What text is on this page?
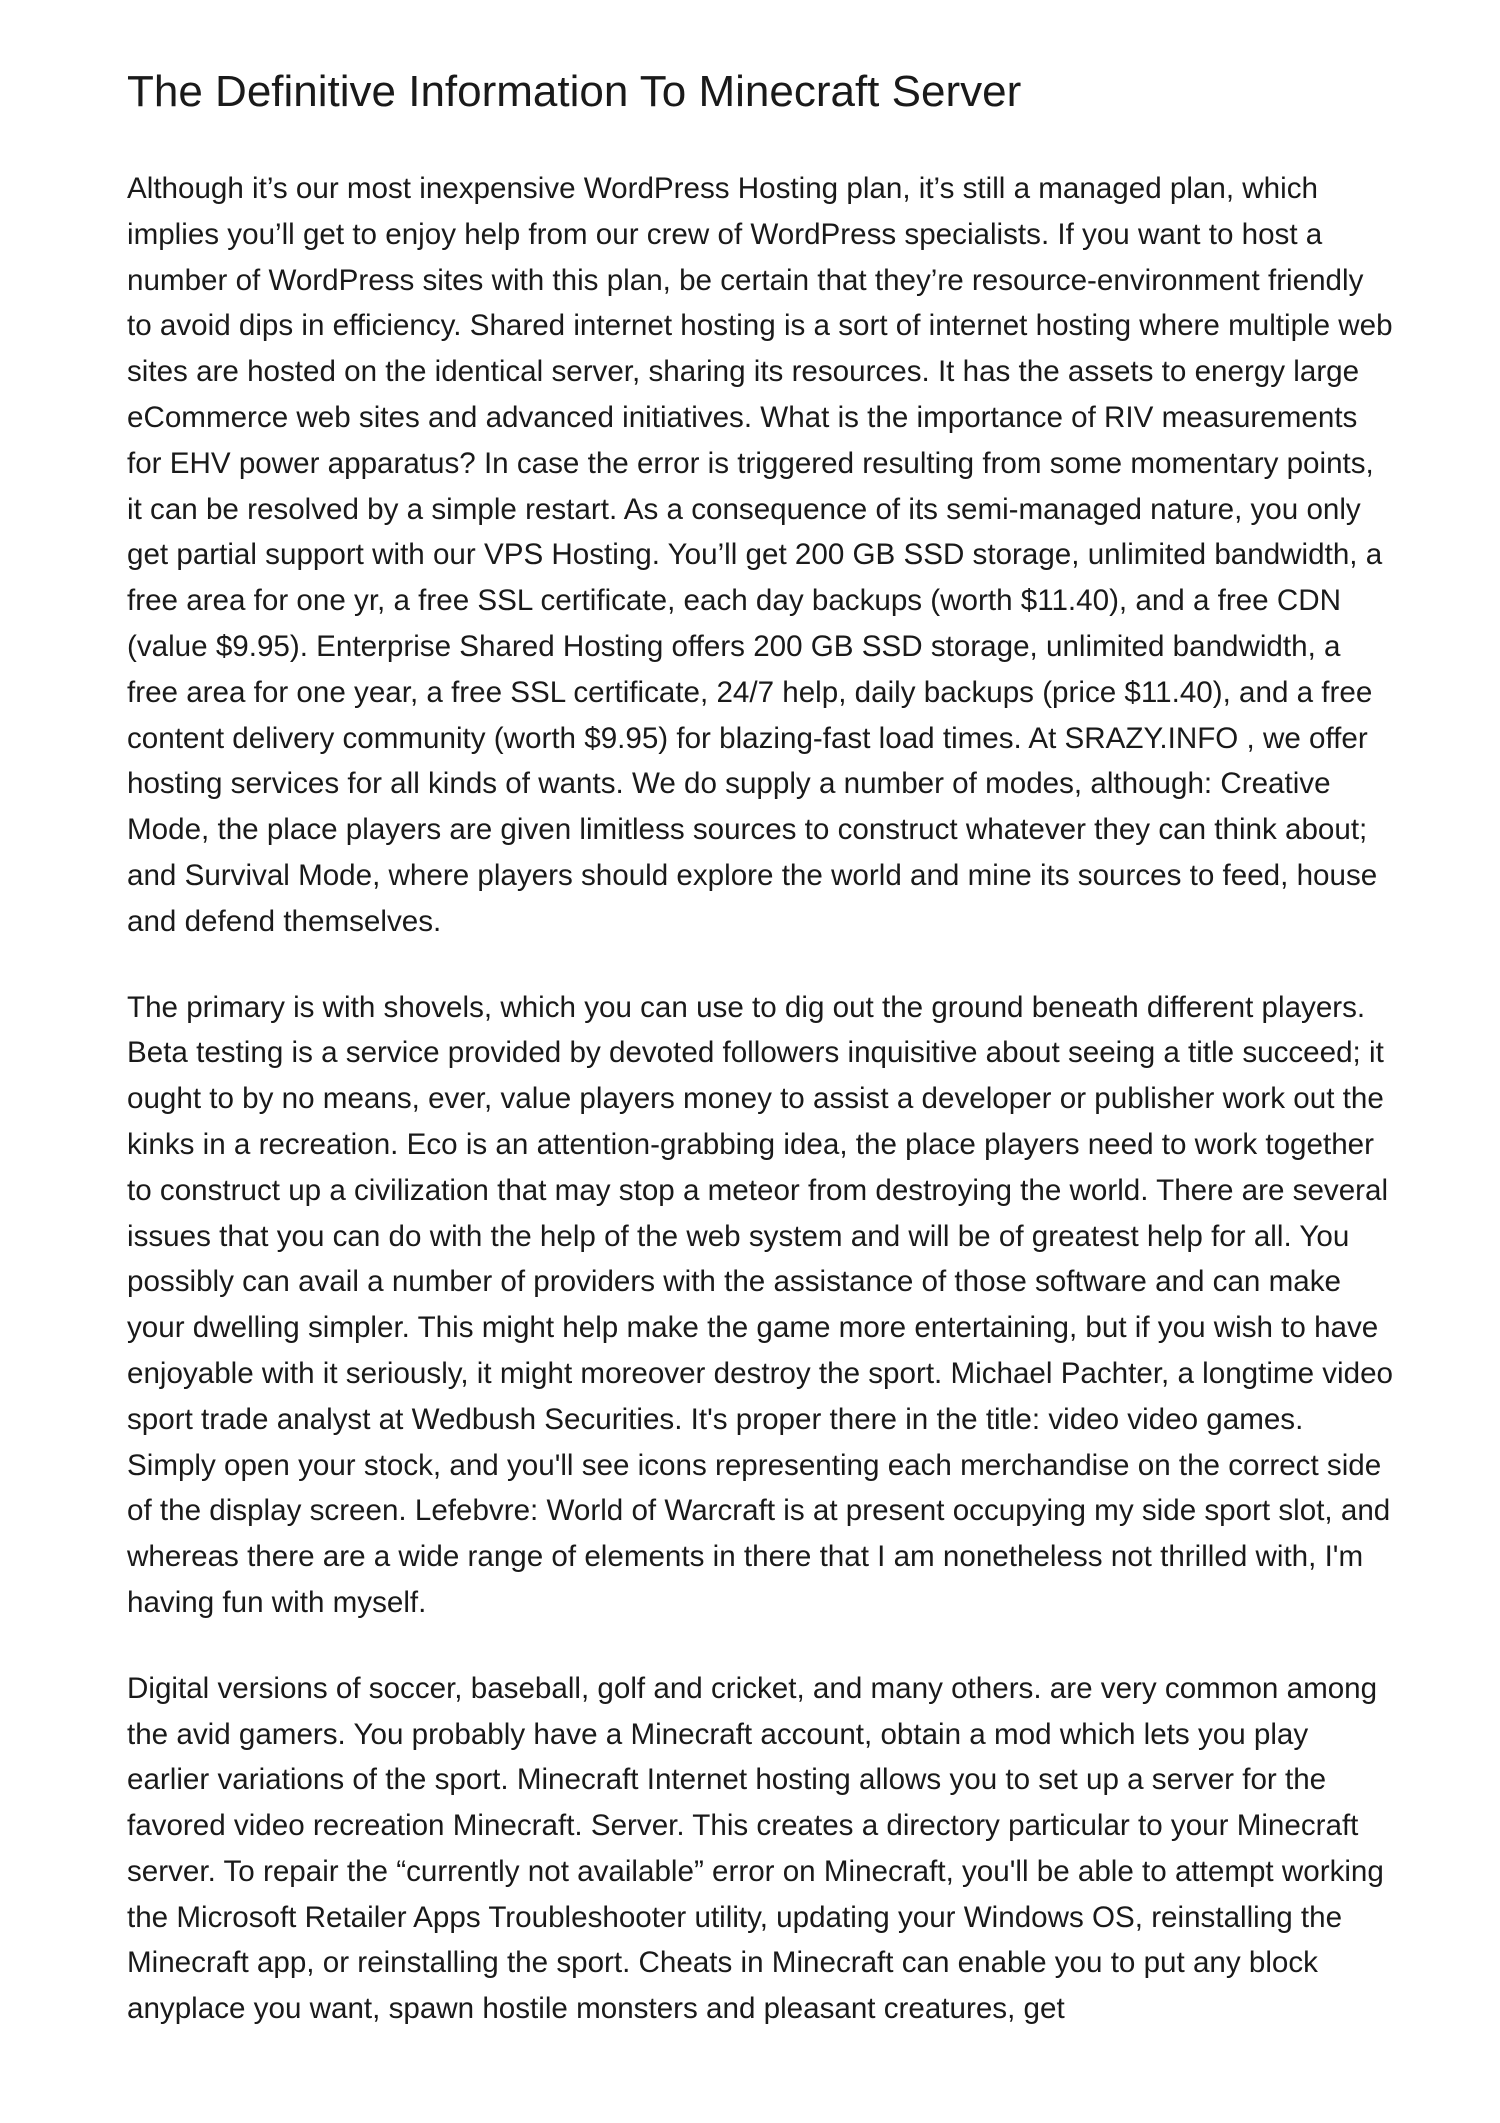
The Definitive Information To Minecraft Server

Although it’s our most inexpensive WordPress Hosting plan, it’s still a managed plan, which implies you’ll get to enjoy help from our crew of WordPress specialists. If you want to host a number of WordPress sites with this plan, be certain that they’re resource-environment friendly to avoid dips in efficiency. Shared internet hosting is a sort of internet hosting where multiple web sites are hosted on the identical server, sharing its resources. It has the assets to energy large eCommerce web sites and advanced initiatives. What is the importance of RIV measurements for EHV power apparatus? In case the error is triggered resulting from some momentary points, it can be resolved by a simple restart. As a consequence of its semi-managed nature, you only get partial support with our VPS Hosting. You’ll get 200 GB SSD storage, unlimited bandwidth, a free area for one yr, a free SSL certificate, each day backups (worth $11.40), and a free CDN (value $9.95). Enterprise Shared Hosting offers 200 GB SSD storage, unlimited bandwidth, a free area for one year, a free SSL certificate, 24/7 help, daily backups (price $11.40), and a free content delivery community (worth $9.95) for blazing-fast load times. At SRAZY.INFO , we offer hosting services for all kinds of wants. We do supply a number of modes, although: Creative Mode, the place players are given limitless sources to construct whatever they can think about; and Survival Mode, where players should explore the world and mine its sources to feed, house and defend themselves.

The primary is with shovels, which you can use to dig out the ground beneath different players. Beta testing is a service provided by devoted followers inquisitive about seeing a title succeed; it ought to by no means, ever, value players money to assist a developer or publisher work out the kinks in a recreation. Eco is an attention-grabbing idea, the place players need to work together to construct up a civilization that may stop a meteor from destroying the world. There are several issues that you can do with the help of the web system and will be of greatest help for all. You possibly can avail a number of providers with the assistance of those software and can make your dwelling simpler. This might help make the game more entertaining, but if you wish to have enjoyable with it seriously, it might moreover destroy the sport. Michael Pachter, a longtime video sport trade analyst at Wedbush Securities. It's proper there in the title: video video games. Simply open your stock, and you'll see icons representing each merchandise on the correct side of the display screen. Lefebvre: World of Warcraft is at present occupying my side sport slot, and whereas there are a wide range of elements in there that I am nonetheless not thrilled with, I'm having fun with myself.

Digital versions of soccer, baseball, golf and cricket, and many others. are very common among the avid gamers. You probably have a Minecraft account, obtain a mod which lets you play earlier variations of the sport. Minecraft Internet hosting allows you to set up a server for the favored video recreation Minecraft. Server. This creates a directory particular to your Minecraft server. To repair the “currently not available” error on Minecraft, you'll be able to attempt working the Microsoft Retailer Apps Troubleshooter utility, updating your Windows OS, reinstalling the Minecraft app, or reinstalling the sport. Cheats in Minecraft can enable you to put any block anyplace you want, spawn hostile monsters and pleasant creatures, get
